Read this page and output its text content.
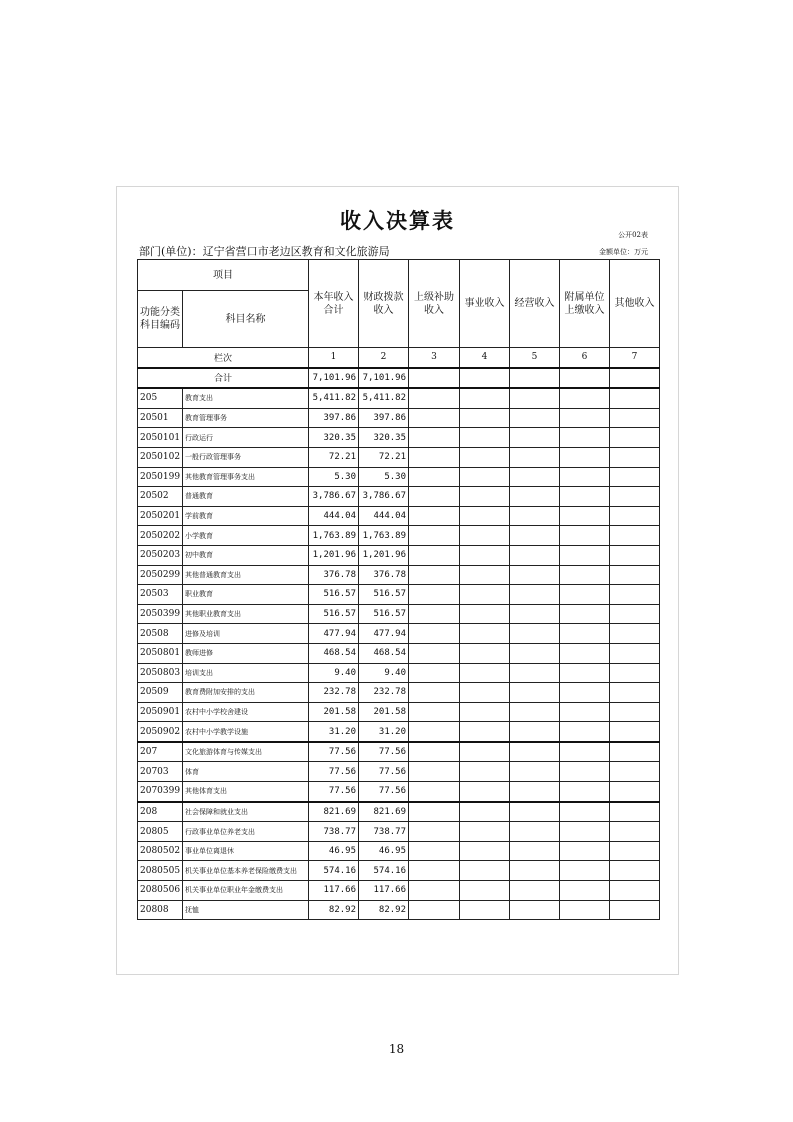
收入决算表
公开02表
部门(单位)：辽宁省营口市老边区教育和文化旅游局	金额单位：万元
项目		本年收入合计	财政拨款收入	上级补助收入	事业收入	经营收入	附属单位上缴收入	其他收入
功能分类科目编码	科目名称							
栏次		1	2	3	4	5	6	7
合计		7,101.96	7,101.96					
205	教育支出	5,411.82	5,411.82					
20501	教育管理事务	397.86	397.86					
2050101	行政运行	320.35	320.35					
2050102	一般行政管理事务	72.21	72.21					
2050199	其他教育管理事务支出	5.30	5.30					
20502	普通教育	3,786.67	3,786.67					
2050201	学前教育	444.04	444.04					
2050202	小学教育	1,763.89	1,763.89					
2050203	初中教育	1,201.96	1,201.96					
2050299	其他普通教育支出	376.78	376.78					
20503	职业教育	516.57	516.57					
2050399	其他职业教育支出	516.57	516.57					
20508	进修及培训	477.94	477.94					
2050801	教师进修	468.54	468.54					
2050803	培训支出	9.40	9.40					
20509	教育费附加安排的支出	232.78	232.78					
2050901	农村中小学校舍建设	201.58	201.58					
2050902	农村中小学教学设施	31.20	31.20					
207	文化旅游体育与传媒支出	77.56	77.56					
20703	体育	77.56	77.56					
2070399	其他体育支出	77.56	77.56					
208	社会保障和就业支出	821.69	821.69					
20805	行政事业单位养老支出	738.77	738.77					
2080502	事业单位离退休	46.95	46.95					
2080505	机关事业单位基本养老保险缴费支出	574.16	574.16					
2080506	机关事业单位职业年金缴费支出	117.66	117.66					
20808	抚恤	82.92	82.92					
18
